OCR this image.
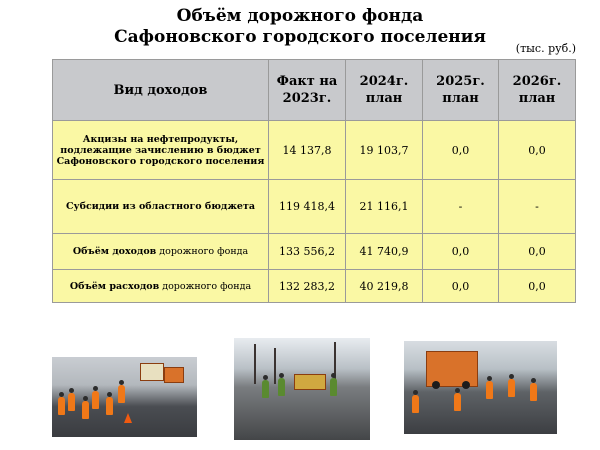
Объём дорожного фонда
Сафоновского городского поселения
(тыс. руб.)
Вид доходов	Факт на 2023г.	2024г. план	2025г. план	2026г. план
Акцизы на нефтепродукты, подлежащие зачислению в бюджет Сафоновского городского поселения	14 137,8	19 103,7	0,0	0,0
Субсидии из областного бюджета	119 418,4	21 116,1	-	-
Объём доходов дорожного фонда	133 556,2	41 740,9	0,0	0,0
Объём расходов дорожного фонда	132 283,2	40 219,8	0,0	0,0
